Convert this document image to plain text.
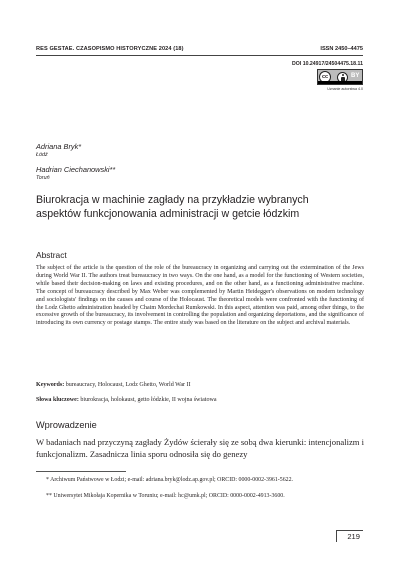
RES GESTAE. CZASOPISMO HISTORYCZNE 2024 (18)	ISSN 2450–4475
DOI 10.24917/24504475.18.11
cc	BY
Uznanie autorstwa 4.0
Adriana Bryk*
Łódź
Hadrian Ciechanowski**
Toruń
Biurokracja w machinie zagłady na przykładzie wybranych aspektów funkcjonowania administracji w getcie łódzkim
Abstract
The subject of the article is the question of the role of the bureaucracy in organizing and carrying out the extermination of the Jews during World War II. The authors treat bureaucracy in two ways. On the one hand, as a model for the functioning of Western societies, while based their decision-making on laws and existing procedures, and on the other hand, as a functioning administrative machine. The concept of bureaucracy described by Max Weber was complemented by Martin Heidegger's observations on modern technology and sociologists' findings on the causes and course of the Holocaust. The theoretical models were confronted with the functioning of the Lodz Ghetto administration headed by Chaim Mordechai Rumkowski. In this aspect, attention was paid, among other things, to the excessive growth of the bureaucracy, its involvement in controlling the population and organizing deportations, and the significance of introducing its own currency or postage stamps. The entire study was based on the literature on the subject and archival materials.
Keywords: bureaucracy, Holocaust, Lodz Ghetto, World War II
Słowa kluczowe: biurokracja, holokaust, getto łódzkie, II wojna światowa
Wprowadzenie
W badaniach nad przyczyną zagłady Żydów ścierały się ze sobą dwa kierunki: intencjonalizm i funkcjonalizm. Zasadnicza linia sporu odnosiła się do genezy
* Archiwum Państwowe w Łodzi; e-mail: adriana.bryk@lodz.ap.gov.pl; ORCID: 0000-0002-3961-5622.
** Uniwersytet Mikołaja Kopernika w Toruniu; e-mail: hc@umk.pl; ORCID: 0000-0002-4913-3600.
219
